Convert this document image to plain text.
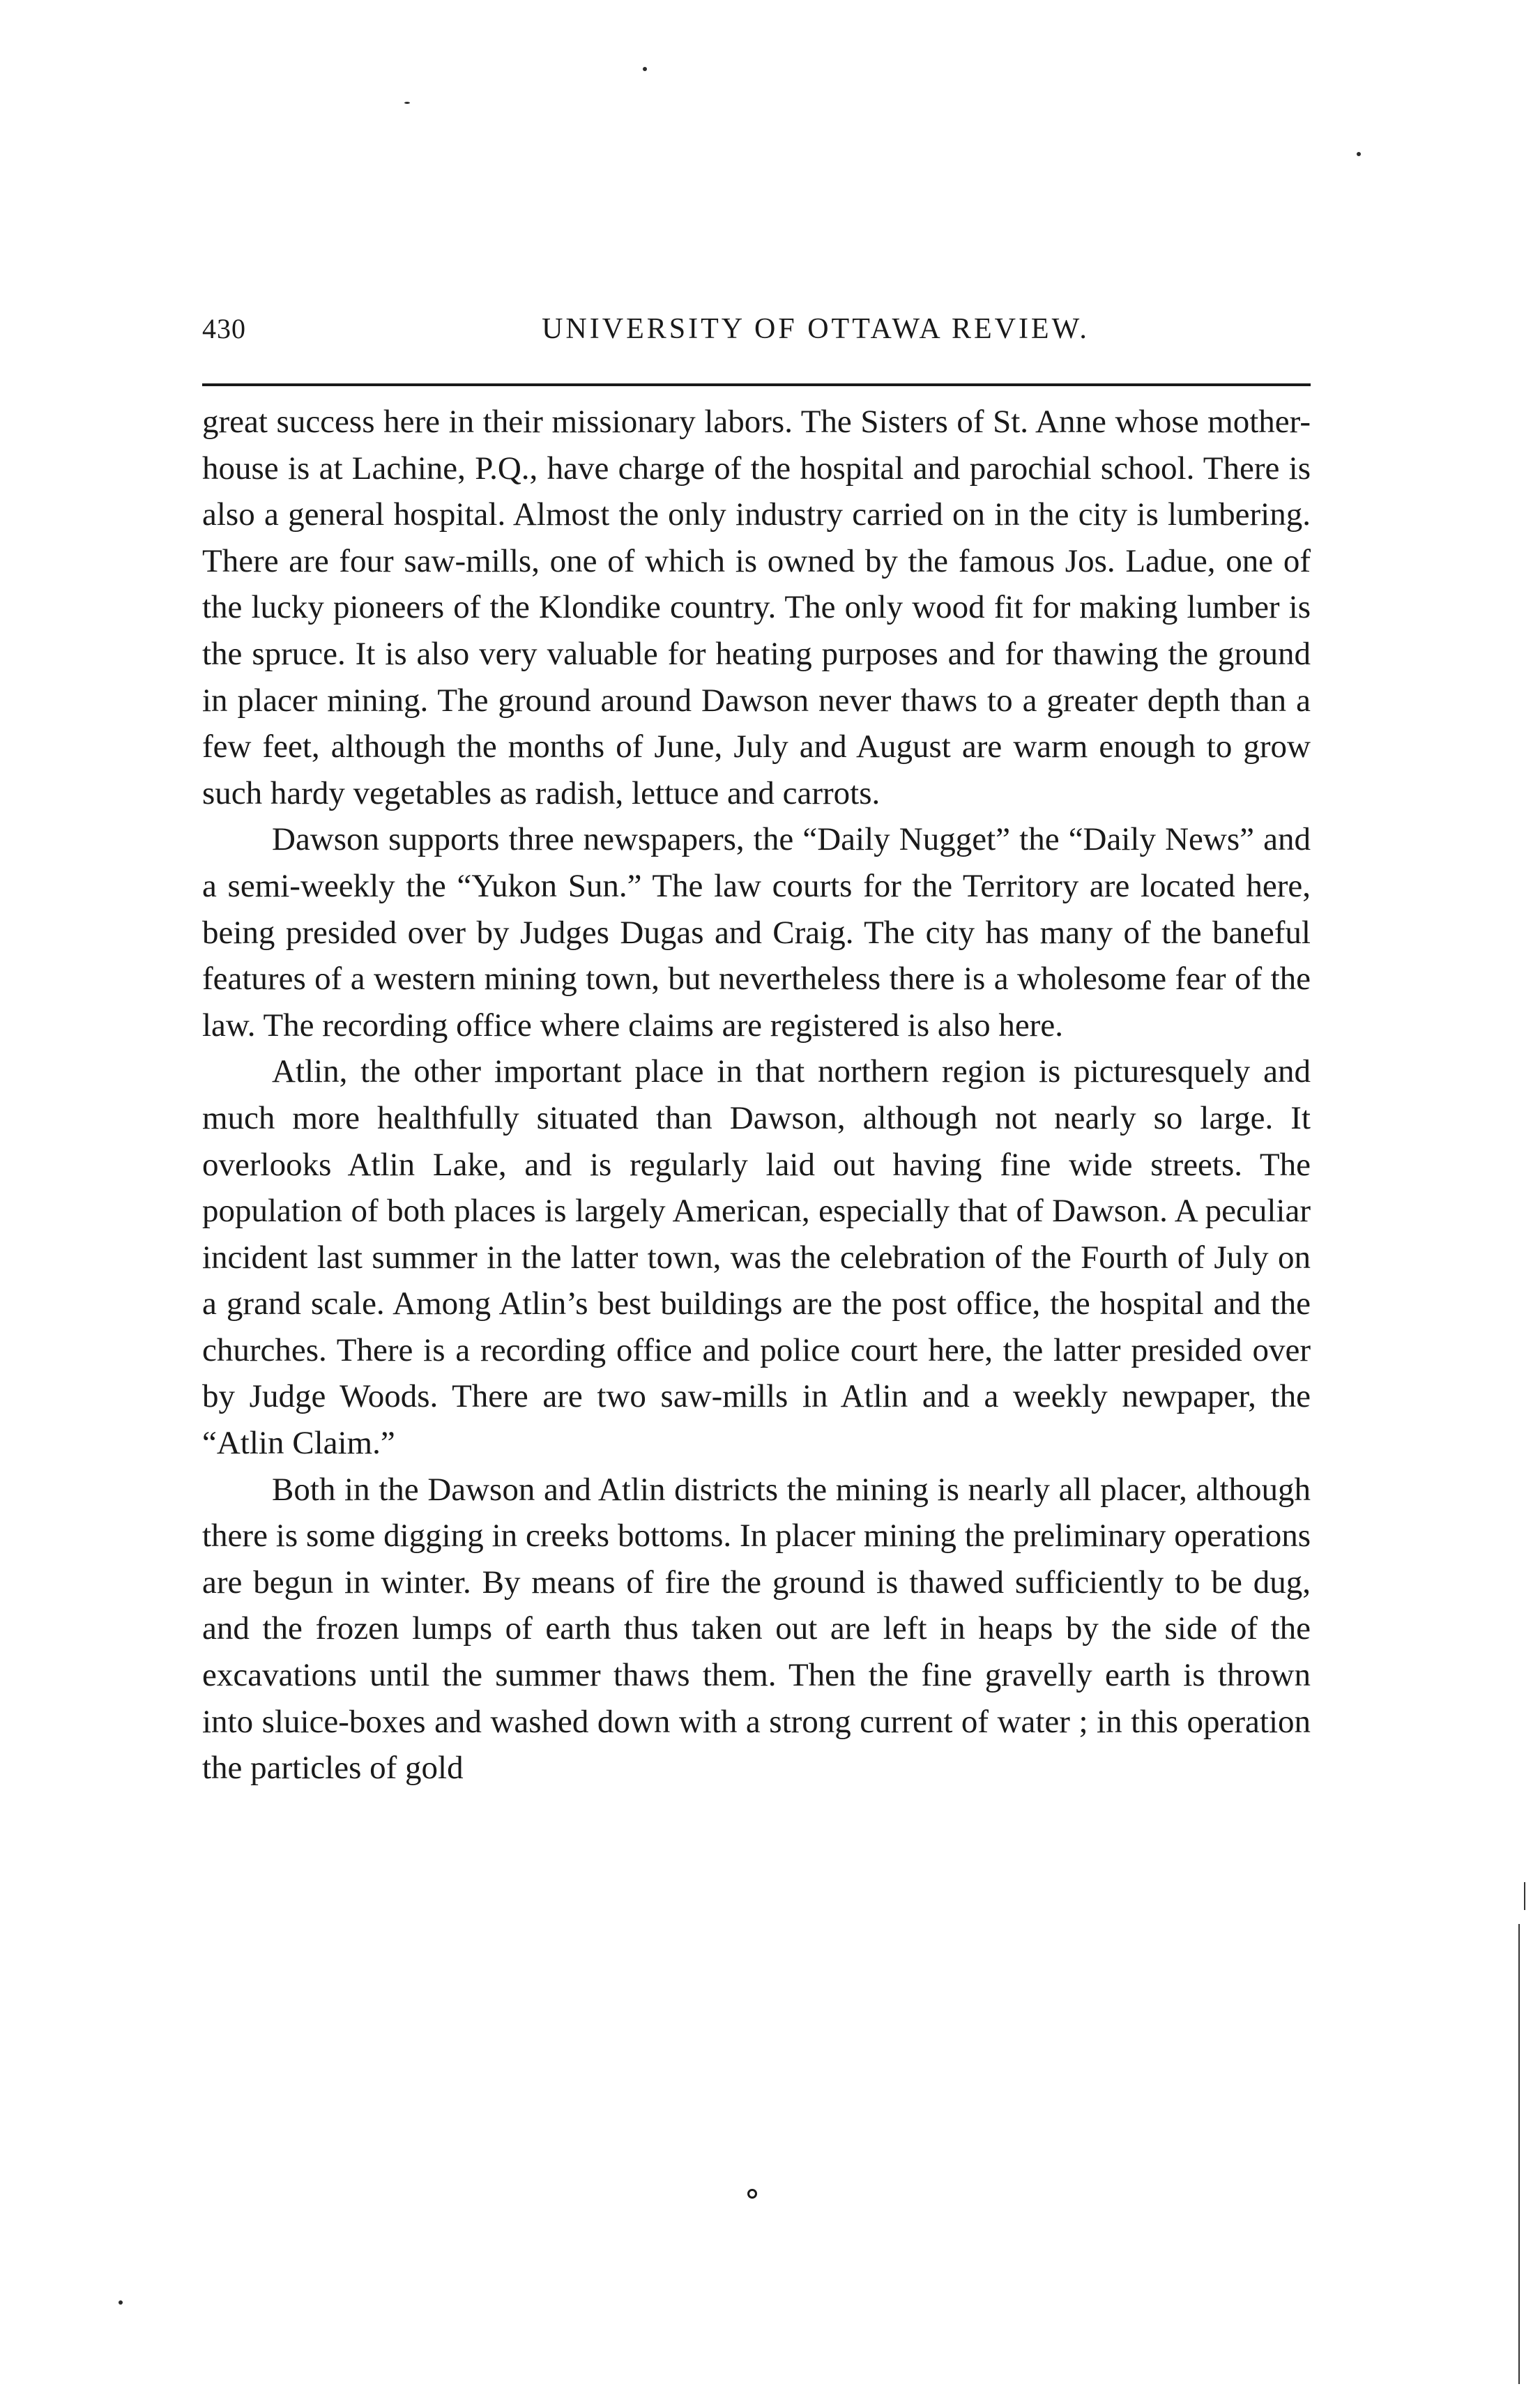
430	UNIVERSITY OF OTTAWA REVIEW.

great success here in their missionary labors. The Sisters of St. Anne whose mother-house is at Lachine, P.Q., have charge of the hospital and parochial school. There is also a general hospital. Almost the only industry carried on in the city is lumbering. There are four saw-mills, one of which is owned by the famous Jos. Ladue, one of the lucky pioneers of the Klondike country. The only wood fit for making lumber is the spruce. It is also very valuable for heating purposes and for thawing the ground in placer mining. The ground around Dawson never thaws to a greater depth than a few feet, although the months of June, July and August are warm enough to grow such hardy vegetables as radish, lettuce and carrots.

Dawson supports three newspapers, the “Daily Nugget” the “Daily News” and a semi-weekly the “Yukon Sun.” The law courts for the Territory are located here, being presided over by Judges Dugas and Craig. The city has many of the baneful features of a western mining town, but nevertheless there is a wholesome fear of the law. The recording office where claims are registered is also here.

Atlin, the other important place in that northern region is picturesquely and much more healthfully situated than Dawson, although not nearly so large. It overlooks Atlin Lake, and is regularly laid out having fine wide streets. The population of both places is largely American, especially that of Dawson. A peculiar incident last summer in the latter town, was the celebration of the Fourth of July on a grand scale. Among Atlin’s best buildings are the post office, the hospital and the churches. There is a recording office and police court here, the latter presided over by Judge Woods. There are two saw-mills in Atlin and a weekly newpaper, the “Atlin Claim.”

Both in the Dawson and Atlin districts the mining is nearly all placer, although there is some digging in creeks bottoms. In placer mining the preliminary operations are begun in winter. By means of fire the ground is thawed sufficiently to be dug, and the frozen lumps of earth thus taken out are left in heaps by the side of the excavations until the summer thaws them. Then the fine gravelly earth is thrown into sluice-boxes and washed down with a strong current of water ; in this operation the particles of gold
